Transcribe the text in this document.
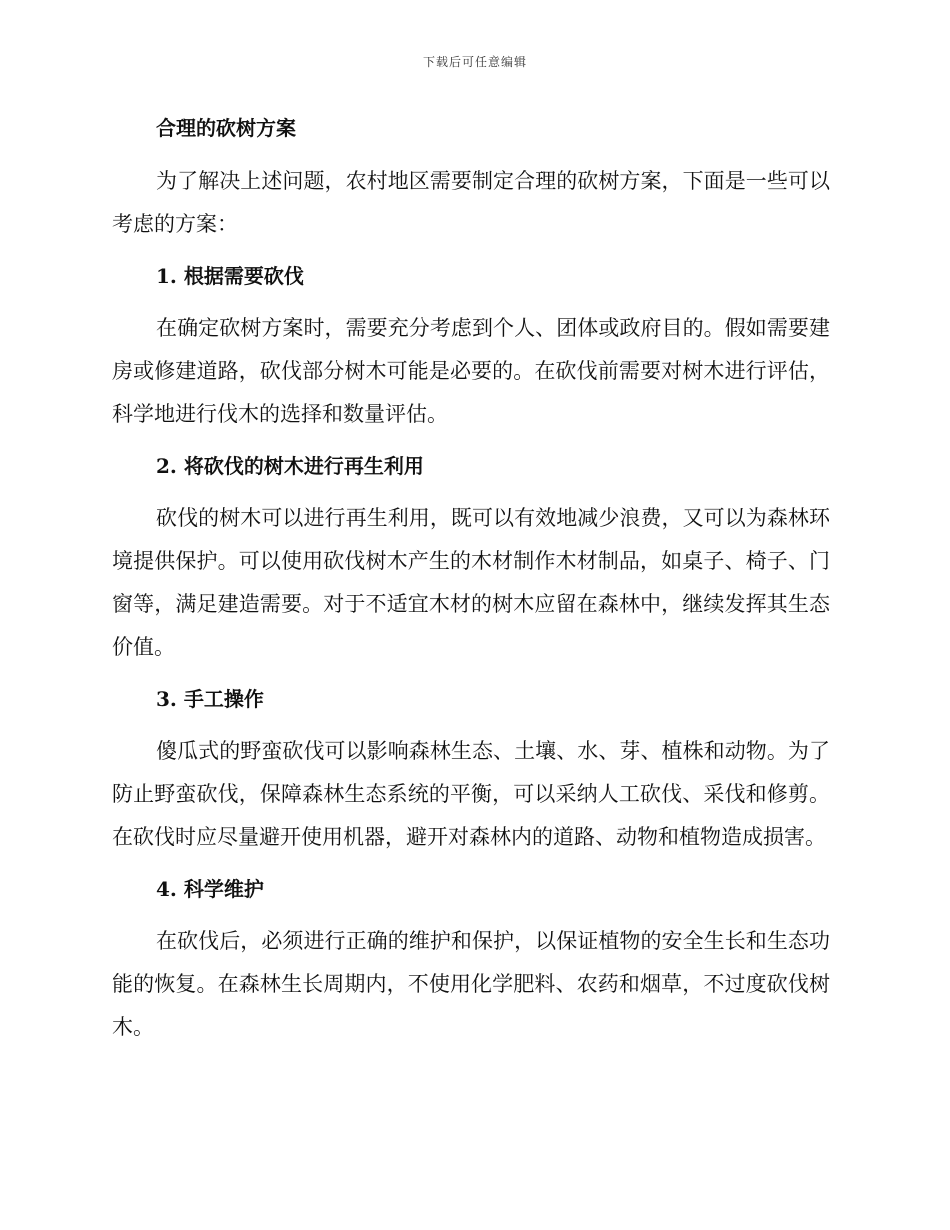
下载后可任意编辑

合理的砍树方案

为了解决上述问题，农村地区需要制定合理的砍树方案，下面是一些可以考虑的方案：

1. 根据需要砍伐

在确定砍树方案时，需要充分考虑到个人、团体或政府目的。假如需要建房或修建道路，砍伐部分树木可能是必要的。在砍伐前需要对树木进行评估，科学地进行伐木的选择和数量评估。

2. 将砍伐的树木进行再生利用

砍伐的树木可以进行再生利用，既可以有效地减少浪费，又可以为森林环境提供保护。可以使用砍伐树木产生的木材制作木材制品，如桌子、椅子、门窗等，满足建造需要。对于不适宜木材的树木应留在森林中，继续发挥其生态价值。

3. 手工操作

傻瓜式的野蛮砍伐可以影响森林生态、土壤、水、芽、植株和动物。为了防止野蛮砍伐，保障森林生态系统的平衡，可以采纳人工砍伐、采伐和修剪。在砍伐时应尽量避开使用机器，避开对森林内的道路、动物和植物造成损害。

4. 科学维护

在砍伐后，必须进行正确的维护和保护，以保证植物的安全生长和生态功能的恢复。在森林生长周期内，不使用化学肥料、农药和烟草，不过度砍伐树木。
